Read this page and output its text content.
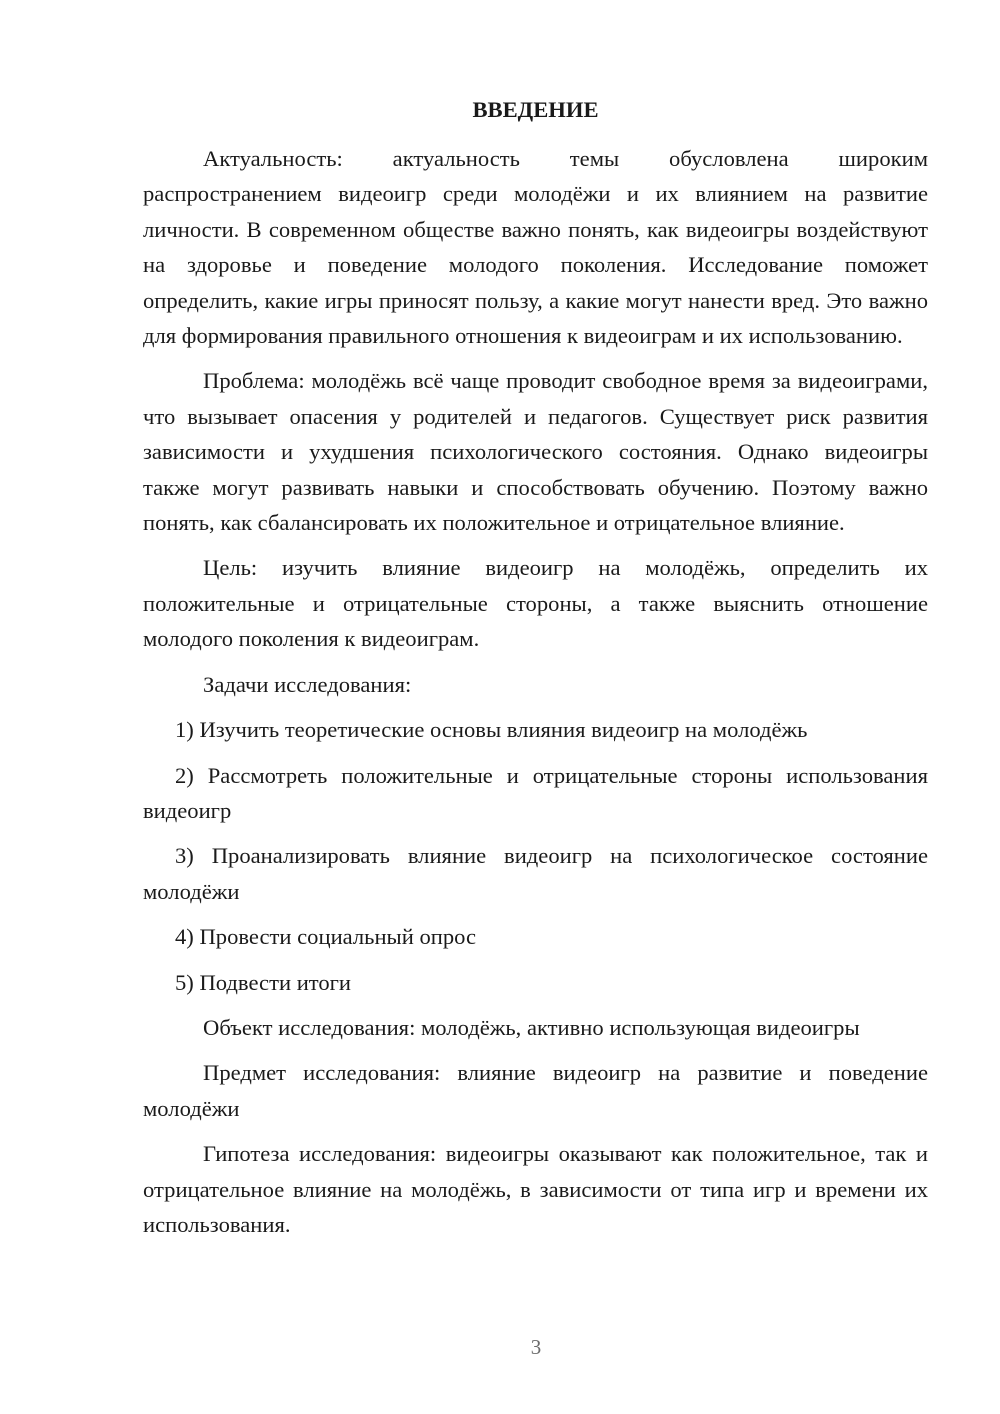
ВВЕДЕНИЕ

Актуальность: актуальность темы обусловлена широким распространением видеоигр среди молодёжи и их влиянием на развитие личности. В современном обществе важно понять, как видеоигры воздействуют на здоровье и поведение молодого поколения. Исследование поможет определить, какие игры приносят пользу, а какие могут нанести вред. Это важно для формирования правильного отношения к видеоиграм и их использованию.

Проблема: молодёжь всё чаще проводит свободное время за видеоиграми, что вызывает опасения у родителей и педагогов. Существует риск развития зависимости и ухудшения психологического состояния. Однако видеоигры также могут развивать навыки и способствовать обучению. Поэтому важно понять, как сбалансировать их положительное и отрицательное влияние.

Цель: изучить влияние видеоигр на молодёжь, определить их положительные и отрицательные стороны, а также выяснить отношение молодого поколения к видеоиграм.

Задачи исследования:

1) Изучить теоретические основы влияния видеоигр на молодёжь

2) Рассмотреть положительные и отрицательные стороны использования видеоигр

3) Проанализировать влияние видеоигр на психологическое состояние молодёжи

4) Провести социальный опрос

5) Подвести итоги

Объект исследования: молодёжь, активно использующая видеоигры

Предмет исследования: влияние видеоигр на развитие и поведение молодёжи

Гипотеза исследования: видеоигры оказывают как положительное, так и отрицательное влияние на молодёжь, в зависимости от типа игр и времени их использования.

3
